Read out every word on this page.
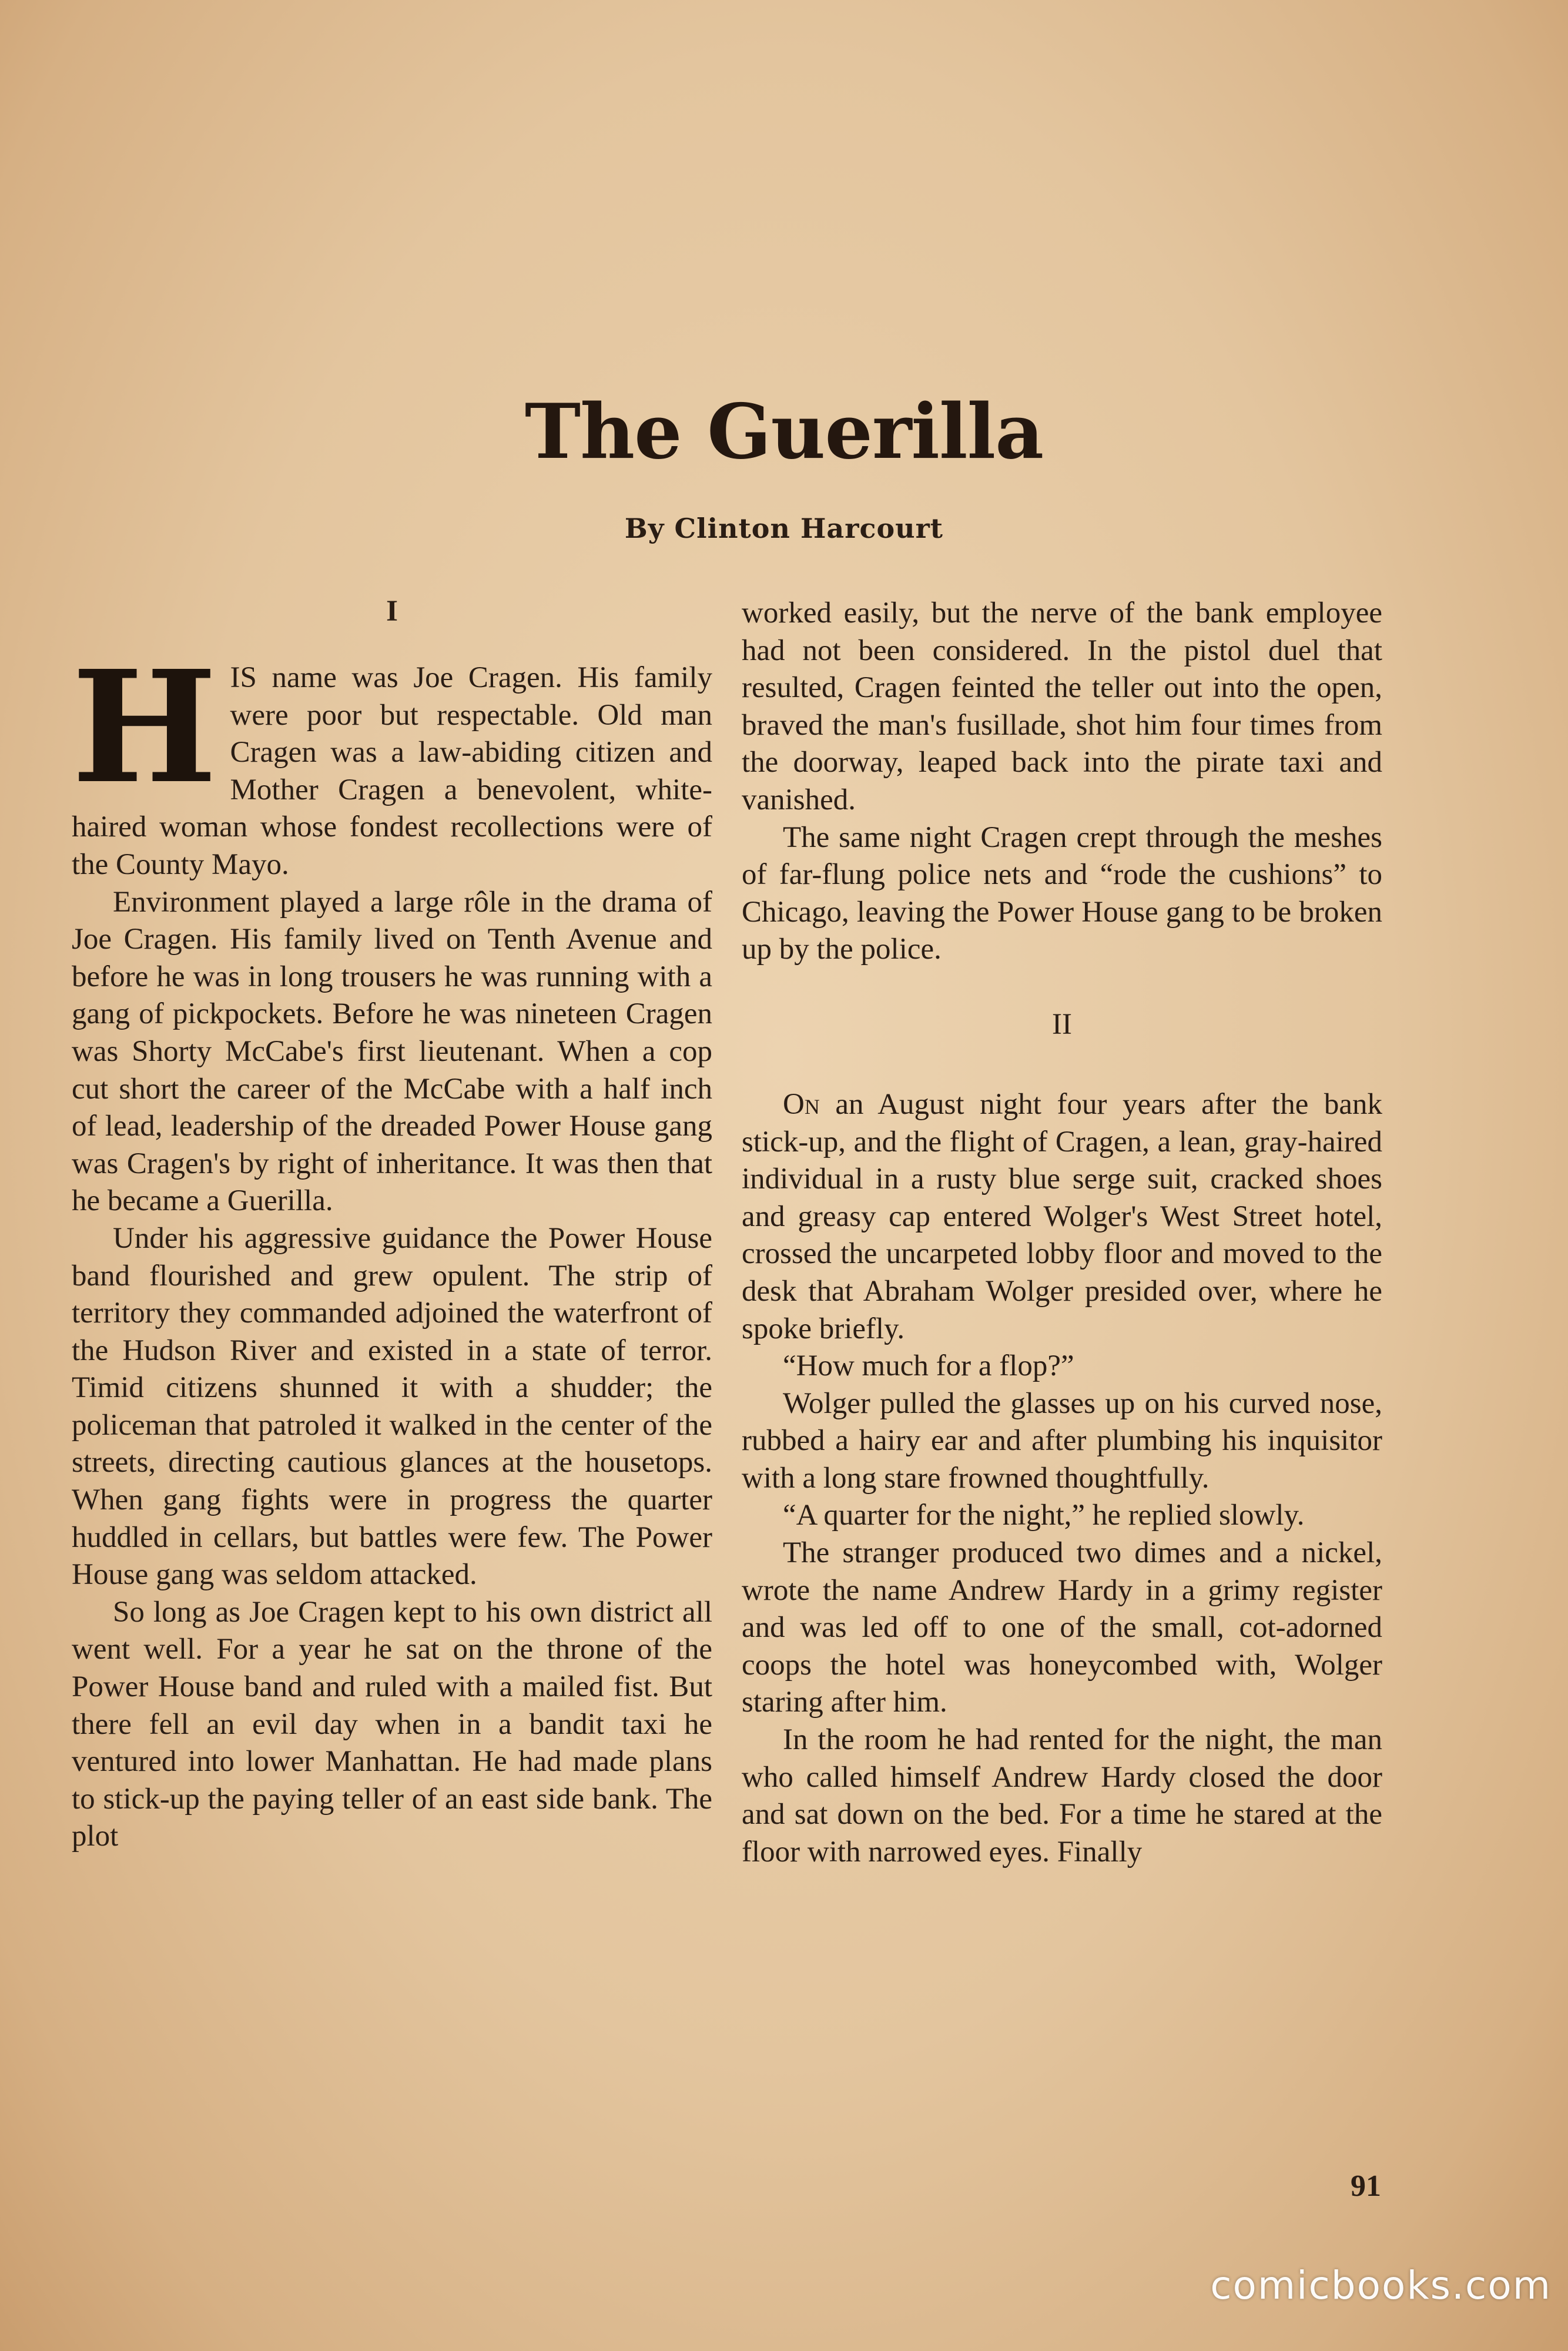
The Guerilla
By Clinton Harcourt
I

HIS name was Joe Cragen. His family were poor but respectable. Old man Cragen was a law-abiding citizen and Mother Cragen a benevolent, white-haired woman whose fondest recollections were of the County Mayo.

Environment played a large rôle in the drama of Joe Cragen. His family lived on Tenth Avenue and before he was in long trousers he was running with a gang of pickpockets. Before he was nineteen Cragen was Shorty McCabe's first lieutenant. When a cop cut short the career of the McCabe with a half inch of lead, leadership of the dreaded Power House gang was Cragen's by right of inheritance. It was then that he became a Guerilla.

Under his aggressive guidance the Power House band flourished and grew opulent. The strip of territory they commanded adjoined the waterfront of the Hudson River and existed in a state of terror. Timid citizens shunned it with a shudder; the policeman that patroled it walked in the center of the streets, directing cautious glances at the housetops. When gang fights were in progress the quarter huddled in cellars, but battles were few. The Power House gang was seldom attacked.

So long as Joe Cragen kept to his own district all went well. For a year he sat on the throne of the Power House band and ruled with a mailed fist. But there fell an evil day when in a bandit taxi he ventured into lower Manhattan. He had made plans to stick-up the paying teller of an east side bank. The plot

worked easily, but the nerve of the bank employee had not been considered. In the pistol duel that resulted, Cragen feinted the teller out into the open, braved the man's fusillade, shot him four times from the doorway, leaped back into the pirate taxi and vanished.

The same night Cragen crept through the meshes of far-flung police nets and “rode the cushions” to Chicago, leaving the Power House gang to be broken up by the police.

II

On an August night four years after the bank stick-up, and the flight of Cragen, a lean, gray-haired individual in a rusty blue serge suit, cracked shoes and greasy cap entered Wolger's West Street hotel, crossed the uncarpeted lobby floor and moved to the desk that Abraham Wolger presided over, where he spoke briefly.

“How much for a flop?”

Wolger pulled the glasses up on his curved nose, rubbed a hairy ear and after plumbing his inquisitor with a long stare frowned thoughtfully.

“A quarter for the night,” he replied slowly.

The stranger produced two dimes and a nickel, wrote the name Andrew Hardy in a grimy register and was led off to one of the small, cot-adorned coops the hotel was honeycombed with, Wolger staring after him.

In the room he had rented for the night, the man who called himself Andrew Hardy closed the door and sat down on the bed. For a time he stared at the floor with narrowed eyes. Finally

91
comicbooks.com
